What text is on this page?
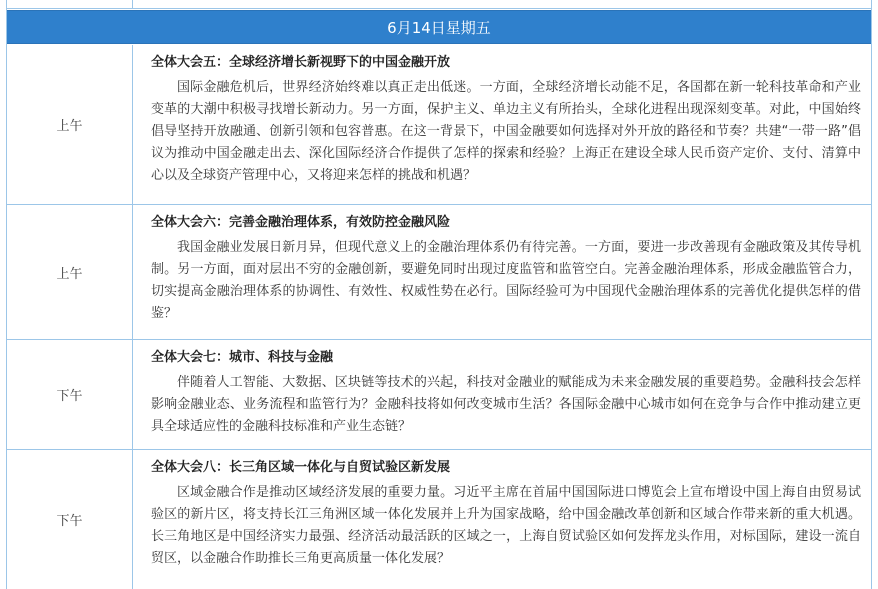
6月14日星期五
上午
全体大会五：全球经济增长新视野下的中国金融开放
国际金融危机后，世界经济始终难以真正走出低迷。一方面，全球经济增长动能不足，各国都在新一轮科技革命和产业变革的大潮中积极寻找增长新动力。另一方面，保护主义、单边主义有所抬头，全球化进程出现深刻变革。对此，中国始终倡导坚持开放融通、创新引领和包容普惠。在这一背景下，中国金融要如何选择对外开放的路径和节奏？共建“一带一路”倡议为推动中国金融走出去、深化国际经济合作提供了怎样的探索和经验？上海正在建设全球人民币资产定价、支付、清算中心以及全球资产管理中心，又将迎来怎样的挑战和机遇？
上午
全体大会六：完善金融治理体系，有效防控金融风险
我国金融业发展日新月异，但现代意义上的金融治理体系仍有待完善。一方面，要进一步改善现有金融政策及其传导机制。另一方面，面对层出不穷的金融创新，要避免同时出现过度监管和监管空白。完善金融治理体系，形成金融监管合力，切实提高金融治理体系的协调性、有效性、权威性势在必行。国际经验可为中国现代金融治理体系的完善优化提供怎样的借鉴？
下午
全体大会七：城市、科技与金融
伴随着人工智能、大数据、区块链等技术的兴起，科技对金融业的赋能成为未来金融发展的重要趋势。金融科技会怎样影响金融业态、业务流程和监管行为？金融科技将如何改变城市生活？各国际金融中心城市如何在竞争与合作中推动建立更具全球适应性的金融科技标准和产业生态链？
下午
全体大会八：长三角区域一体化与自贸试验区新发展
区域金融合作是推动区域经济发展的重要力量。习近平主席在首届中国国际进口博览会上宣布增设中国上海自由贸易试验区的新片区，将支持长江三角洲区域一体化发展并上升为国家战略，给中国金融改革创新和区域合作带来新的重大机遇。长三角地区是中国经济实力最强、经济活动最活跃的区域之一，上海自贸试验区如何发挥龙头作用，对标国际，建设一流自贸区，以金融合作助推长三角更高质量一体化发展？
